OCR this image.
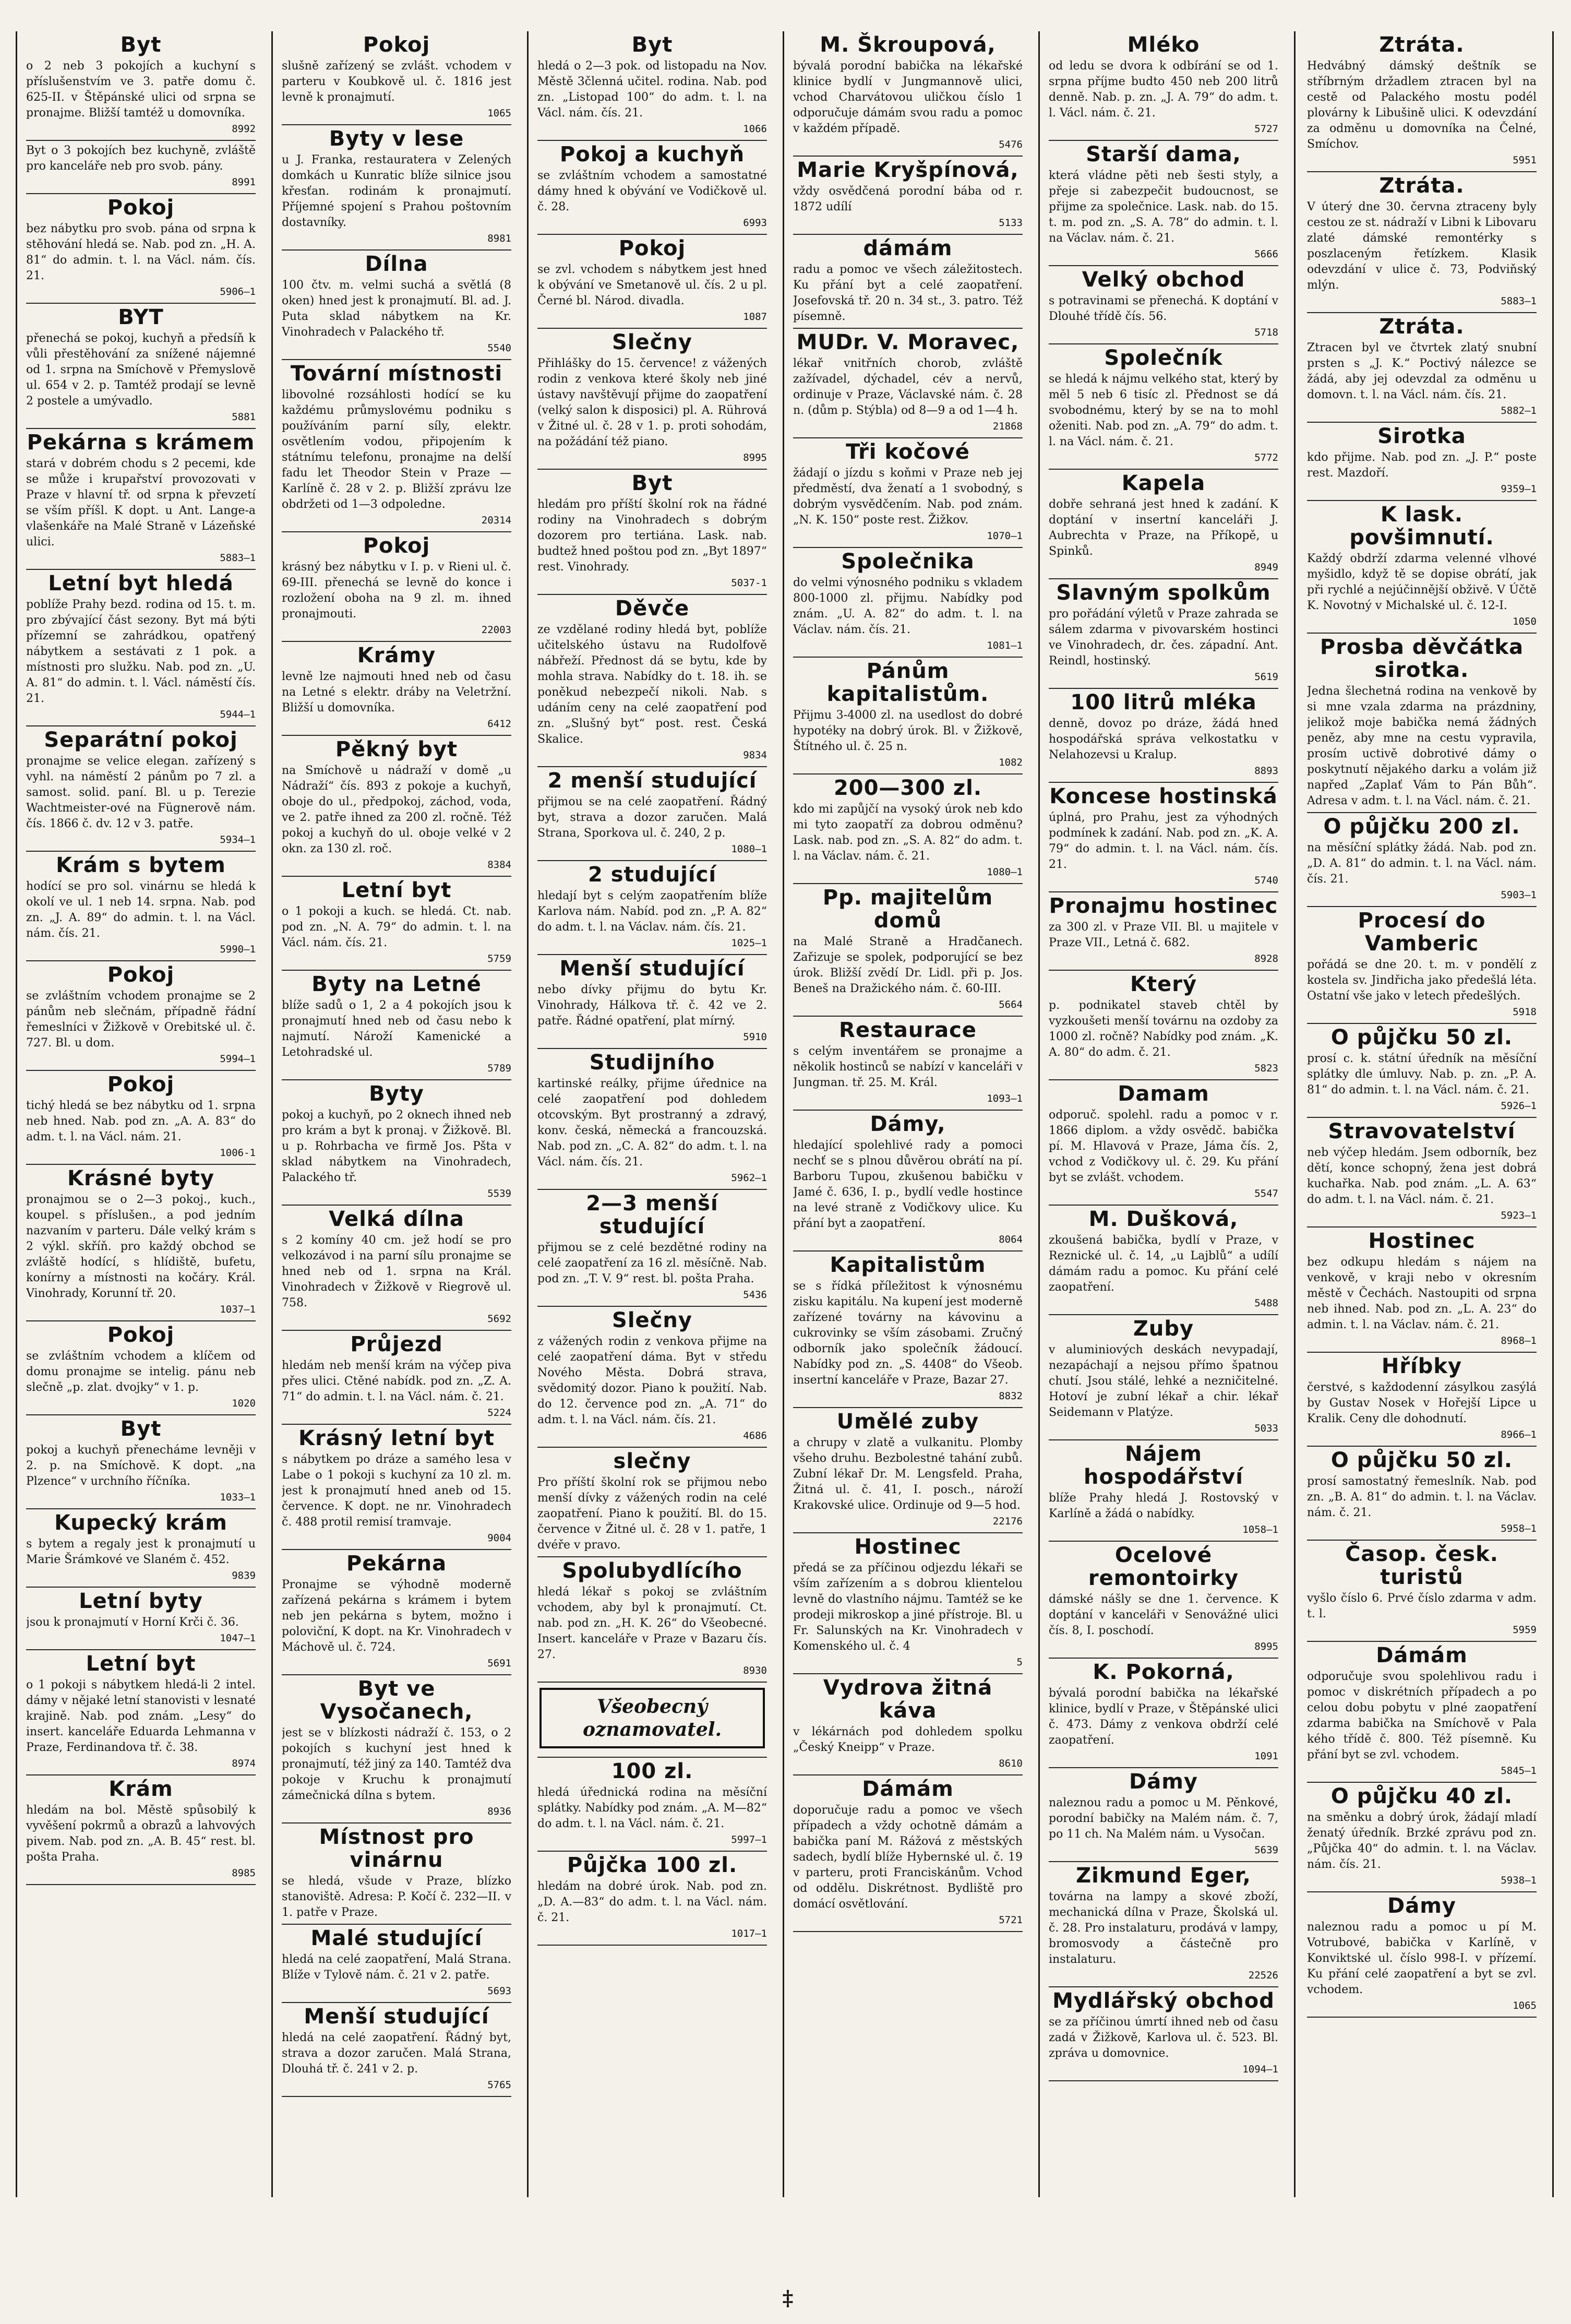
Byt

o 2 neb 3 pokojích a kuchyní s příslušenstvím ve 3. patře domu č. 625-II. v Štěpánské ulici od srpna se pronajme. Bližší tamtéž u domovníka.

8992

Byt o 3 pokojích bez kuchyně, zvláště pro kanceláře neb pro svob. pány.

8991
Pokoj

bez nábytku pro svob. pána od srpna k stěhování hledá se. Nab. pod zn. „H. A. 81“ do admin. t. l. na Václ. nám. čís. 21.

5906—1
BYT

přenechá se pokoj, kuchyň a předsíň k vůli přestěhování za snížené nájemné od 1. srpna na Smíchově v Přemyslově ul. 654 v 2. p. Tamtéž prodají se levně 2 postele a umývadlo.

5881
Pekárna s krámem

stará v dobrém chodu s 2 pecemi, kde se může i krupařství provozovati v Praze v hlavní tř. od srpna k převzetí se vším příšl. K dopt. u Ant. Lange-a vlašenkáře na Malé Straně v Lázeňské ulici.

5883—1
Letní byt hledá

poblíže Prahy bezd. rodina od 15. t. m. pro zbývající část sezony. Byt má býti přízemní se zahrádkou, opatřený nábytkem a sestávati z 1 pok. a místnosti pro služku. Nab. pod zn. „U. A. 81“ do admin. t. l. Václ. náměstí čís. 21.

5944—1
Separátní pokoj

pronajme se velice elegan. zařízený s vyhl. na náměstí 2 pánům po 7 zl. a samost. solid. paní. Bl. u p. Terezie Wachtmeister-ové na Fügnerově nám. čís. 1866 č. dv. 12 v 3. patře.

5934—1
Krám s bytem

hodící se pro sol. vinárnu se hledá k okolí ve ul. 1 neb 14. srpna. Nab. pod zn. „J. A. 89“ do admin. t. l. na Václ. nám. čís. 21.

5990—1
Pokoj

se zvláštním vchodem pronajme se 2 pánům neb slečnám, případně řádní řemeslníci v Žižkově v Orebitské ul. č. 727. Bl. u dom.

5994—1
Pokoj

tichý hledá se bez nábytku od 1. srpna neb hned. Nab. pod zn. „A. A. 83“ do adm. t. l. na Václ. nám. 21.

1006-1
Krásné byty

pronajmou se o 2—3 pokoj., kuch., koupel. s příslušen., a pod jedním nazvaním v parteru. Dále velký krám s 2 výkl. skříň. pro každý obchod se zvláště hodící, s hlídiště, bufetu, konírny a místnosti na kočáry. Král. Vinohrady, Korunní tř. 20.

1037—1
Pokoj

se zvláštním vchodem a klíčem od domu pronajme se intelig. pánu neb slečně „p. zlat. dvojky“ v 1. p.

1020
Byt

pokoj a kuchyň přenecháme levněji v 2. p. na Smíchově. K dopt. „na Plzence“ v urchního říčníka.

1033—1
Kupecký krám

s bytem a regaly jest k pronajmutí u Marie Šrámkové ve Slaném č. 452.

9839
Letní byty

jsou k pronajmutí v Horní Krči č. 36.

1047—1
Letní byt

o 1 pokoji s nábytkem hledá-li 2 intel. dámy v nějaké letní stanovisti v lesnaté krajině. Nab. pod znám. „Lesy“ do insert. kanceláře Eduarda Lehmanna v Praze, Ferdinandova tř. č. 38.

8974
Krám

hledám na bol. Městě spůsobilý k vyvěšení pokrmů a obrazů a lahvových pivem. Nab. pod zn. „A. B. 45“ rest. bl. pošta Praha.

8985
Pokoj

slušně zařízený se zvlášt. vchodem v parteru v Koubkově ul. č. 1816 jest levně k pronajmutí.

1065
Byty v lese

u J. Franka, restauratera v Zelených domkách u Kunratic blíže silnice jsou křesťan. rodinám k pronajmutí. Příjemné spojení s Prahou poštovním dostavníky.

8981
Dílna

100 čtv. m. velmi suchá a světlá (8 oken) hned jest k pronajmutí. Bl. ad. J. Puta sklad nábytkem na Kr. Vinohradech v Palackého tř.

5540
Tovární místnosti

libovolné rozsáhlosti hodící se ku každému průmyslovému podniku s používáním parní síly, elektr. osvětlením vodou, připojením k státnímu telefonu, pronajme na delší fadu let Theodor Stein v Praze — Karlíně č. 28 v 2. p. Bližší zprávu lze obdržeti od 1—3 odpoledne.

20314
Pokoj

krásný bez nábytku v I. p. v Rieni ul. č. 69-III. přenechá se levně do konce i rozložení oboha na 9 zl. m. ihned pronajmouti.

22003
Krámy

levně lze najmouti hned neb od času na Letné s elektr. drábу na Veletržní. Bližší u domovníka.

6412
Pěkný byt

na Smíchově u nádraží v domě „u Nádraží“ čís. 893 z pokoje a kuchyň, oboje do ul., předpokoj, záchod, voda, ve 2. patře ihned za 200 zl. ročně. Též pokoj a kuchyň do ul. oboje velké v 2 okn. za 130 zl. roč.

8384
Letní byt

o 1 pokoji a kuch. se hledá. Ct. nab. pod zn. „N. A. 79“ do admin. t. l. na Václ. nám. čís. 21.

5759
Byty na Letné

blíže sadů o 1, 2 a 4 pokojích jsou k pronajmutí hned neb od času nebo k najmutí. Nároží Kamenické a Letohradské ul.

5789
Byty

pokoj a kuchyň, po 2 oknech ihned neb pro krám a byt k pronaj. v Žižkově. Bl. u p. Rohrbacha ve firmě Jos. Pšta v sklad nábytkem na Vinohradech, Palackého tř.

5539
Velká dílna

s 2 komíny 40 cm. jež hodí se pro velkozávod i na parní sílu pronajme se hned neb od 1. srpna na Král. Vinohradech v Žižkově v Riegrově ul. 758.

5692
Průjezd

hledám neb menší krám na výčep piva přes ulici. Ctěné nabídk. pod zn. „Z. A. 71“ do admin. t. l. na Václ. nám. č. 21.

5224
Krásný letní byt

s nábytkem po dráze a samého lesa v Labe o 1 pokoji s kuchyní za 10 zl. m. jest k pronajmutí hned aneb od 15. července. K dopt. ne nr. Vinohradech č. 488 protil remisí tramvaje.

9004
Pekárna

Pronajme se výhodně moderně zařízená pekárna s krámem i bytem neb jen pekárna s bytem, možno i poloviční, K dopt. na Kr. Vinohradech v Máchově ul. č. 724.

5691
Byt ve Vysočanech,

jest se v blízkosti nádraží č. 153, o 2 pokojích s kuchyní jest hned k pronajmutí, též jiný za 140. Tamtéž dva pokoje v Kruchu k pronajmutí zámečnická dílna s bytem.

8936
Místnost pro vinárnu

se hledá, všude v Praze, blízko stanoviště. Adresa: P. Kočí č. 232—II. v 1. patře v Praze.

Malé studující

hledá na celé zaopatření, Malá Strana. Blíže v Tylově nám. č. 21 v 2. patře.

5693
Menší studující

hledá na celé zaopatření. Řádný byt, strava a dozor zaručen. Malá Strana, Dlouhá tř. č. 241 v 2. p.

5765
Byt

hledá o 2—3 pok. od listopadu na Nov. Městě 3členná učitel. rodina. Nab. pod zn. „Listopad 100“ do adm. t. l. na Václ. nám. čís. 21.

1066
Pokoj a kuchyň

se zvláštním vchodem a samostatné dámy hned k obývání ve Vodičkově ul. č. 28.

6993
Pokoj

se zvl. vchodem s nábytkem jest hned k obývání ve Smetanově ul. čís. 2 u pl. Černé bl. Národ. divadla.

1087
Slečny

Přihlášky do 15. července! z vážených rodin z venkova které školy neb jiné ústavy navštěvují přijme do zaopatření (velký salon k disposici) pl. A. Rührová v Žitné ul. č. 28 v 1. p. proti sohodám, na požádání též piano.

8995
Byt

hledám pro příští školní rok na řádné rodiny na Vinohradech s dobrým dozorem pro tertiána. Lask. nab. budtež hned poštou pod zn. „Byt 1897“ rest. Vinohrady.

5037-1
Děvče

ze vzdělané rodiny hledá byt, poblíže učitelského ústavu na Rudolfově nábřeží. Přednost dá se bytu, kde by mohla strava. Nabídky do t. 18. ih. se poněkud nebezpečí nikoli. Nab. s udáním ceny na celé zaopatření pod zn. „Slušný byt“ post. rest. Česká Skalice.

9834
2 menší studující

přijmou se na celé zaopatření. Řádný byt, strava a dozor zaručen. Malá Strana, Sporkova ul. č. 240, 2 p.

1080—1
2 studující

hledají byt s celým zaopatřením blíže Karlova nám. Nabíd. pod zn. „P. A. 82“ do adm. t. l. na Václav. nám. čís. 21.

1025—1
Menší studující

nebo dívky přijmu do bytu Kr. Vinohrady, Hálkova tř. č. 42 ve 2. patře. Řádné opatření, plat mírný.

5910
Studijního

kartinské reálky, přijme úřednice na celé zaopatření pod dohledem otcovským. Byt prostranný a zdravý, konv. česká, německá a francouzská. Nab. pod zn. „C. A. 82“ do adm. t. l. na Václ. nám. čís. 21.

5962—1
2—3 menší studující

přijmou se z celé bezdětné rodiny na celé zaopatření za 16 zl. měsíčně. Nab. pod zn. „T. V. 9“ rest. bl. pošta Praha.

5436
Slečny

z vážených rodin z venkova přijme na celé zaopatření dáma. Byt v středu Nového Města. Dobrá strava, svědomitý dozor. Piano k použití. Nab. do 12. července pod zn. „A. 71“ do adm. t. l. na Václ. nám. čís. 21.

4686
slečny

Pro příští školní rok se přijmou nebo menší dívky z vážených rodin na celé zaopatření. Piano k použití. Bl. do 15. července v Žitné ul. č. 28 v 1. patře, 1 dvéře v pravo.

Spolubydlícího

hledá lékař s pokoj se zvláštním vchodem, aby byl k pronajmutí. Ct. nab. pod zn. „H. K. 26“ do Všeobecné. Insert. kanceláře v Praze v Bazaru čís. 27.

8930
Všeobecný oznamovatel.
100 zl.

hledá úřednická rodina na měsíční splátky. Nabídky pod znám. „A. M—82“ do adm. t. l. na Václ. nám. č. 21.

5997—1
Půjčka 100 zl.

hledám na dobré úrok. Nab. pod zn. „D. A.—83“ do adm. t. l. na Václ. nám. č. 21.

1017—1
M. Škroupová,

bývalá porodní babička na lékařské klinice bydlí v Jungmannově ulici, vchod Charvátovou uličkou číslo 1 odporučuje dámám svou radu a pomoc v každém případě.

5476
Marie Kryšpínová,

vždy osvědčená porodní bába od r. 1872 udílí

5133
dámám

radu a pomoc ve všech záležitostech. Ku přání byt a celé zaopatření. Josefovská tř. 20 n. 34 st., 3. patro. Též písemně.

MUDr. V. Moravec,

lékař vnitřních chorob, zvláště zažívadel, dýchadel, cév a nervů, ordinuje v Praze, Václavské nám. č. 28 n. (dům p. Stýbla) od 8—9 a od 1—4 h.

21868
Tři kočové

žádají o jízdu s koňmi v Praze neb jej předměstí, dva ženatí a 1 svobodný, s dobrým vysvědčením. Nab. pod znám. „N. K. 150“ poste rest. Žižkov.

1070—1
Společnika

do velmi výnosného podniku s vkladem 800-1000 zl. přijmu. Nabídky pod znám. „U. A. 82“ do adm. t. l. na Václav. nám. čís. 21.

1081—1
Pánům kapitalistům.

Přijmu 3-4000 zl. na usedlost do dobré hypotéky na dobrý úrok. Bl. v Žižkově, Štítného ul. č. 25 n.

1082
200—300 zl.

kdo mi zapůjčí na vysoký úrok neb kdo mi tyto zaopatří za dobrou odměnu? Lask. nab. pod zn. „S. A. 82“ do adm. t. l. na Václav. nám. č. 21.

1080—1
Pp. majitelům domů

na Malé Straně a Hradčanech. Zařizuje se spolek, podporující se bez úrok. Bližší zvědí Dr. Lidl. při p. Jos. Beneš na Dražického nám. č. 60-III.

5664
Restaurace

s celým inventářem se pronajme a několik hostinců se nabízí v kanceláři v Jungman. tř. 25. M. Král.

1093—1
Dámy,

hledající spolehlivé rady a pomoci nechť se s plnou důvěrou obrátí na pí. Barboru Tupou, zkušenou babičku v Jamé č. 636, I. p., bydlí vedle hostince na levé straně z Vodičkovy ulice. Ku přání byt a zaopatření.

8064
Kapitalistům

se s řídká příležitost k výnosnému zisku kapitálu. Na kupení jest moderně zařízené továrny na kávovinu a cukrovinky se vším zásobami. Zručný odborník jako společník žádoucí. Nabídky pod zn. „S. 4408“ do Všeob. insertní kanceláře v Praze, Bazar 27.

8832
Umělé zuby

a chrupy v zlatě a vulkanitu. Plomby všeho druhu. Bezbolestné tahání zubů. Zubní lékař Dr. M. Lengsfeld. Praha, Žitná ul. č. 41, I. posch., nároží Krakovské ulice. Ordinuje od 9—5 hod.

22176
Hostinec

předá se za příčinou odjezdu lékaři se vším zařízením a s dobrou klientelou levně do vlastního nájmu. Tamtéž se ke prodeji mikroskop a jiné přístroje. Bl. u Fr. Salunských na Kr. Vinohradech v Komenského ul. č. 4

5
Vydrova žitná káva

v lékárnách pod dohledem spolku „Český Kneipp“ v Praze.

8610
Dámám

doporučuje radu a pomoc ve všech případech a vždy ochotně dámám a babička paní M. Rážová z městských sadech, bydlí blíže Hybernské ul. č. 19 v parteru, proti Franciskánům. Vchod od oddělu. Diskrétnost. Bydliště pro domácí osvětlování.

5721
Mléko

od ledu se dvora k odbírání se od 1. srpna příjme budto 450 neb 200 litrů denně. Nab. p. zn. „J. A. 79“ do adm. t. l. Václ. nám. č. 21.

5727
Starší dama,

která vládne pěti neb šesti styly, a přeje si zabezpečit budoucnost, se přijme za společnice. Lask. nab. do 15. t. m. pod zn. „S. A. 78“ do admin. t. l. na Václav. nám. č. 21.

5666
Velký obchod

s potravinami se přenechá. K doptání v Dlouhé třídě čís. 56.

5718
Společník

se hledá k nájmu velkého stat, který by měl 5 neb 6 tisíc zl. Přednost se dá svobodnému, který by se na to mohl oženiti. Nab. pod zn. „A. 79“ do adm. t. l. na Václ. nám. č. 21.

5772
Kapela

dobře sehraná jest hned k zadání. K doptání v insertní kanceláři J. Aubrechta v Praze, na Příkopě, u Spinků.

8949
Slavným spolkům

pro pořádání výletů v Praze zahrada se sálem zdarma v pivovarském hostinci ve Vinohradech, dr. čes. západní. Ant. Reindl, hostinský.

5619
100 litrů mléka

denně, dovoz po dráze, žádá hned hospodářská správa velkostatku v Nelahozevsi u Kralup.

8893
Koncese hostinská

úplná, pro Prahu, jest za výhodných podmínek k zadání. Nab. pod zn. „K. A. 79“ do admin. t. l. na Václ. nám. čís. 21.

5740
Pronajmu hostinec

za 300 zl. v Praze VII. Bl. u majitele v Praze VII., Letná č. 682.

8928
Který

p. podnikatel staveb chtěl by vyzkoušeti menší továrnu na ozdoby za 1000 zl. ročně? Nabídky pod znám. „K. A. 80“ do adm. č. 21.

5823
Damam

odporuč. spolehl. radu a pomoc v r. 1866 diplom. a vždy osvědč. babička pí. M. Hlavová v Praze, Jámа čís. 2, vchod z Vodičkovy ul. č. 29. Ku přání byt se zvlášt. vchodem.

5547
M. Dušková,

zkoušená babička, bydlí v Praze, v Reznické ul. č. 14, „u Lajblů“ a udílí dámám radu a pomoc. Ku přání celé zaopatření.

5488
Zuby

v aluminiových deskách nevypadají, nezapáchají a nejsou přímo špatnou chutí. Jsou stálé, lehké a nezničitelné. Hotoví je zubní lékař a chir. lékař Seidemann v Platýze.

5033
Nájem hospodářství

blíže Prahy hledá J. Rostovský v Karlíně a žádá o nabídky.

1058—1
Ocelové remontoirky

dámské nášly se dne 1. července. K doptání v kanceláři v Senovážné ulici čís. 8, I. poschodí.

8995
K. Pokorná,

bývalá porodní babička na lékařské klinice, bydlí v Praze, v Štěpánské ulici č. 473. Dámy z venkova obdrží celé zaopatření.

1091
Dámy

naleznou radu a pomoc u M. Pěnkové, porodní babičky na Malém nám. č. 7, po 11 ch. Na Malém nám. u Vysočan.

5639
Zikmund Eger,

továrna na lampy a skové zboží, mechanická dílna v Praze, Školská ul. č. 28. Pro instalaturu, prodává v lampy, bromosvody a částečně pro instalaturu.

22526
Mydlářský obchod

se za příčinou úmrtí ihned neb od času zadá v Žižkově, Karlova ul. č. 523. Bl. zpráva u domovnice.

1094—1
Ztráta.

Hedvábný dámský deštník se stříbrným držadlem ztracen byl na cestě od Palackého mostu podél plovárny k Libušině ulici. K odevzdání za odměnu u domovníka na Čelné, Smíchov.

5951
Ztráta.

V úterý dne 30. června ztraceny byly cestou ze st. nádraží v Libni k Libovaru zlaté dámské remontérky s poszlaceným řetízkem. Klasik odevzdání v ulice č. 73, Podviňský mlýn.

5883—1
Ztráta.

Ztracen byl ve čtvrtek zlatý snubní prsten s „J. K.“ Poctivý nálezce se žádá, aby jej odevzdal za odměnu u domovn. t. l. na Václ. nám. čís. 21.

5882—1
Sirotka

kdo přijme. Nab. pod zn. „J. P.“ poste rest. Mazdoří.

9359—1
K lask. povšimnutí.

Každý obdrží zdarma velenné vlhové myšidlo, když tě se dopise obrátí, jak při rychlé a nejúčinnější obživě. V Účtě K. Novotný v Michalské ul. č. 12-I.

1050
Prosba děvčátka sirotka.

Jedna šlechetná rodina na venkově by si mne vzala zdarma na prázdniny, jelikož moje babička nemá žádných peněz, aby mne na cestu vypravila, prosím uctivě dobrotivé dámy o poskytnutí nějakého darku a volám již napřed „Zaplať Vám to Pán Bůh“. Adresa v adm. t. l. na Václ. nám. č. 21.

O půjčku 200 zl.

na měsíční splátky žádá. Nab. pod zn. „D. A. 81“ do admin. t. l. na Václ. nám. čís. 21.

5903—1
Procesí do Vamberic

pořádá se dne 20. t. m. v pondělí z kostela sv. Jindřicha jako předešlá léta. Ostatní vše jako v letech předešlých.

5918
O půjčku 50 zl.

prosí c. k. státní úředník na měsíční splátky dle úmluvy. Nab. p. zn. „P. A. 81“ do admin. t. l. na Václ. nám. č. 21.

5926—1
Stravovatelství

neb výčep hledám. Jsem odborník, bez dětí, konce schopný, žena jest dobrá kuchařka. Nab. pod znám. „L. A. 63“ do adm. t. l. na Václ. nám. č. 21.

5923—1
Hostinec

bez odkupu hledám s nájem na venkově, v kraji nebo v okresním městě v Čechách. Nastoupiti od srpna neb ihned. Nab. pod zn. „L. A. 23“ do admin. t. l. na Václav. nám. č. 21.

8968—1
Hříbky

čerstvé, s každodenní zásylkou zasýlá by Gustav Nosek v Hořejší Lipce u Kralik. Ceny dle dohodnutí.

8966—1
O půjčku 50 zl.

prosí samostatný řemeslník. Nab. pod zn. „B. A. 81“ do admin. t. l. na Václav. nám. č. 21.

5958—1
Časop. česk. turistů

vyšlo číslo 6. Prvé číslo zdarma v adm. t. l.

5959
Dámám

odporučuje svou spolehlivou radu i pomoc v diskrétních případech a po celou dobu pobytu v plné zaopatření zdarma babička na Smíchově v Pala kého třídě č. 800. Též písemně. Ku přání byt se zvl. vchodem.

5845—1
O půjčku 40 zl.

na směnku a dobrý úrok, žádají mladí ženatý úředník. Brzké zprávu pod zn. „Půjčka 40“ do admin. t. l. na Václav. nám. čís. 21.

5938—1
Dámy

naleznou radu a pomoc u pí M. Votrubové, babička v Karlíně, v Konviktské ul. číslo 998-I. v přízemí. Ku přání celé zaopatření a byt se zvl. vchodem.

1065
‡
